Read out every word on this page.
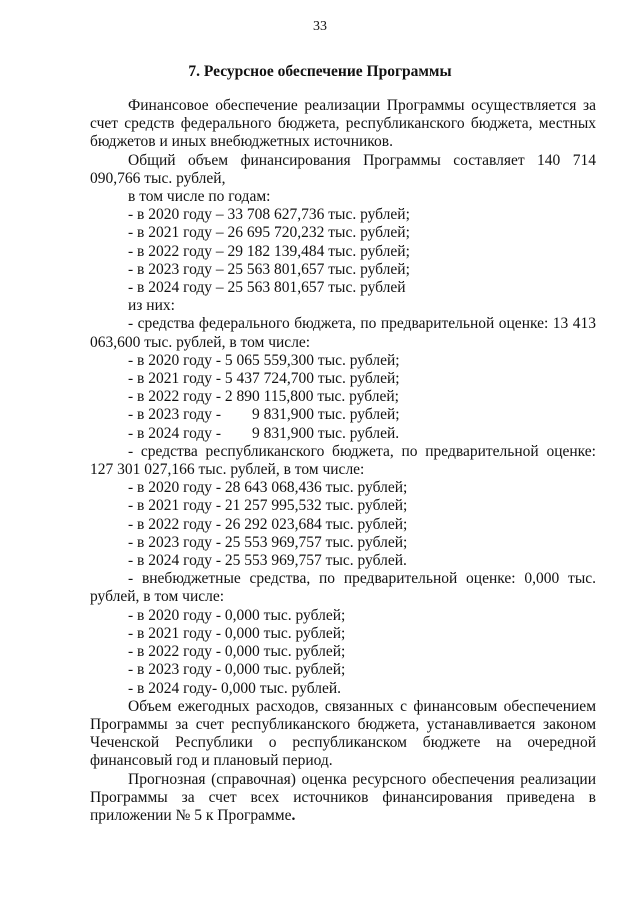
33
7. Ресурсное обеспечение Программы

Финансовое обеспечение реализации Программы осуществляется за счет средств федерального бюджета, республиканского бюджета, местных бюджетов и иных внебюджетных источников.

Общий объем финансирования Программы составляет 140 714 090,766 тыс. рублей,

в том числе по годам:

- в 2020 году – 33 708 627,736 тыс. рублей;

- в 2021 году – 26 695 720,232 тыс. рублей;

- в 2022 году – 29 182 139,484 тыс. рублей;

- в 2023 году – 25 563 801,657 тыс. рублей;

- в 2024 году – 25 563 801,657 тыс. рублей

из них:

- средства федерального бюджета, по предварительной оценке: 13 413 063,600 тыс. рублей, в том числе:

- в 2020 году - 5 065 559,300 тыс. рублей;

- в 2021 году - 5 437 724,700 тыс. рублей;

- в 2022 году - 2 890 115,800 тыс. рублей;

- в 2023 году -        9 831,900 тыс. рублей;

- в 2024 году -        9 831,900 тыс. рублей.

- средства республиканского бюджета, по предварительной оценке: 127 301 027,166 тыс. рублей, в том числе:

- в 2020 году - 28 643 068,436 тыс. рублей;

- в 2021 году - 21 257 995,532 тыс. рублей;

- в 2022 году - 26 292 023,684 тыс. рублей;

- в 2023 году - 25 553 969,757 тыс. рублей;

- в 2024 году - 25 553 969,757 тыс. рублей.

- внебюджетные средства, по предварительной оценке: 0,000 тыс. рублей, в том числе:

- в 2020 году - 0,000 тыс. рублей;

- в 2021 году - 0,000 тыс. рублей;

- в 2022 году - 0,000 тыс. рублей;

- в 2023 году - 0,000 тыс. рублей;

- в 2024 году- 0,000 тыс. рублей.

Объем ежегодных расходов, связанных с финансовым обеспечением Программы за счет республиканского бюджета, устанавливается законом Чеченской Республики о республиканском бюджете на очередной финансовый год и плановый период.

Прогнозная (справочная) оценка ресурсного обеспечения реализации Программы за счет всех источников финансирования приведена в приложении № 5 к Программе.
